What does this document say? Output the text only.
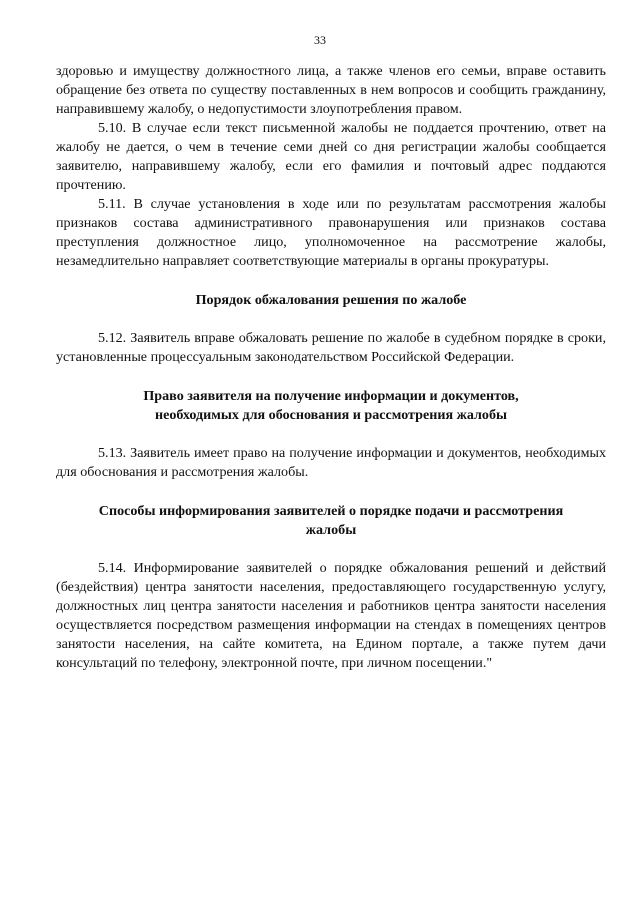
33

здоровью и имуществу должностного лица, а также членов его семьи, вправе оставить обращение без ответа по существу поставленных в нем вопросов и сообщить гражданину, направившему жалобу, о недопустимости злоупотребления правом.

5.10. В случае если текст письменной жалобы не поддается прочтению, ответ на жалобу не дается, о чем в течение семи дней со дня регистрации жалобы сообщается заявителю, направившему жалобу, если его фамилия и почтовый адрес поддаются прочтению.

5.11. В случае установления в ходе или по результатам рассмотрения жалобы признаков состава административного правонарушения или признаков состава преступления должностное лицо, уполномоченное на рассмотрение жалобы, незамедлительно направляет соответствующие материалы в органы прокуратуры.

Порядок обжалования решения по жалобе

5.12. Заявитель вправе обжаловать решение по жалобе в судебном порядке в сроки, установленные процессуальным законодательством Российской Федерации.

Право заявителя на получение информации и документов,
необходимых для обоснования и рассмотрения жалобы

5.13. Заявитель имеет право на получение информации и документов, необходимых для обоснования и рассмотрения жалобы.

Способы информирования заявителей о порядке подачи и рассмотрения
жалобы

5.14. Информирование заявителей о порядке обжалования решений и действий (бездействия) центра занятости населения, предоставляющего государственную услугу, должностных лиц центра занятости населения и работников центра занятости населения осуществляется посредством размещения информации на стендах в помещениях центров занятости населения, на сайте комитета, на Едином портале, а также путем дачи консультаций по телефону, электронной почте, при личном посещении."
